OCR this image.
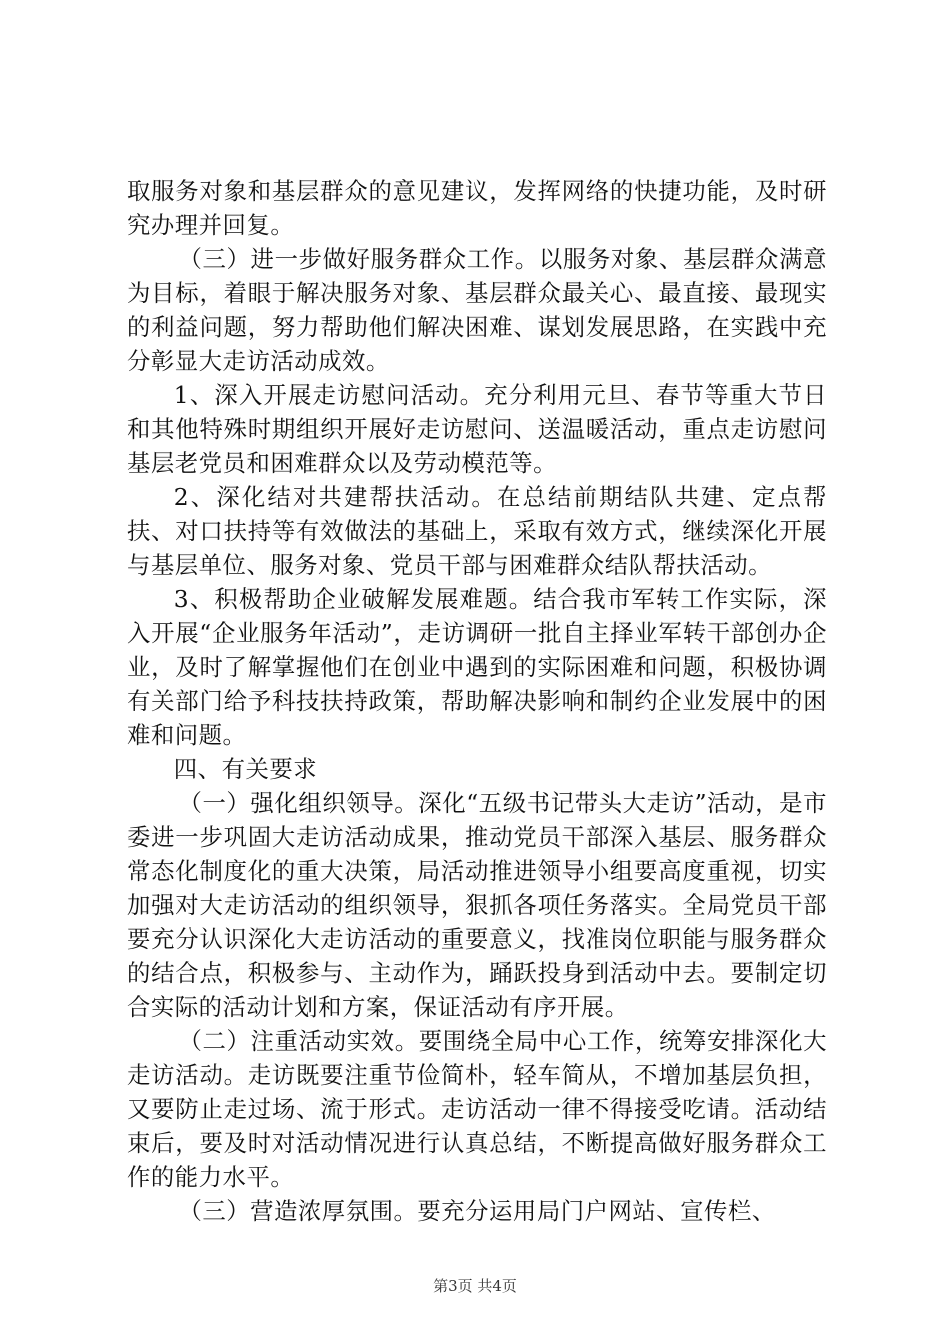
取服务对象和基层群众的意见建议，发挥网络的快捷功能，及时研究办理并回复。

（三）进一步做好服务群众工作。以服务对象、基层群众满意为目标，着眼于解决服务对象、基层群众最关心、最直接、最现实的利益问题，努力帮助他们解决困难、谋划发展思路，在实践中充分彰显大走访活动成效。

1、深入开展走访慰问活动。充分利用元旦、春节等重大节日和其他特殊时期组织开展好走访慰问、送温暖活动，重点走访慰问基层老党员和困难群众以及劳动模范等。

2、深化结对共建帮扶活动。在总结前期结队共建、定点帮扶、对口扶持等有效做法的基础上，采取有效方式，继续深化开展与基层单位、服务对象、党员干部与困难群众结队帮扶活动。

3、积极帮助企业破解发展难题。结合我市军转工作实际，深入开展“企业服务年活动”，走访调研一批自主择业军转干部创办企业，及时了解掌握他们在创业中遇到的实际困难和问题，积极协调有关部门给予科技扶持政策，帮助解决影响和制约企业发展中的困难和问题。

四、有关要求

（一）强化组织领导。深化“五级书记带头大走访”活动，是市委进一步巩固大走访活动成果，推动党员干部深入基层、服务群众常态化制度化的重大决策，局活动推进领导小组要高度重视，切实加强对大走访活动的组织领导，狠抓各项任务落实。全局党员干部要充分认识深化大走访活动的重要意义，找准岗位职能与服务群众的结合点，积极参与、主动作为，踊跃投身到活动中去。要制定切合实际的活动计划和方案，保证活动有序开展。

（二）注重活动实效。要围绕全局中心工作，统筹安排深化大走访活动。走访既要注重节俭简朴，轻车简从，不增加基层负担，又要防止走过场、流于形式。走访活动一律不得接受吃请。活动结束后，要及时对活动情况进行认真总结，不断提高做好服务群众工作的能力水平。

（三）营造浓厚氛围。要充分运用局门户网站、宣传栏、

第3页 共4页
